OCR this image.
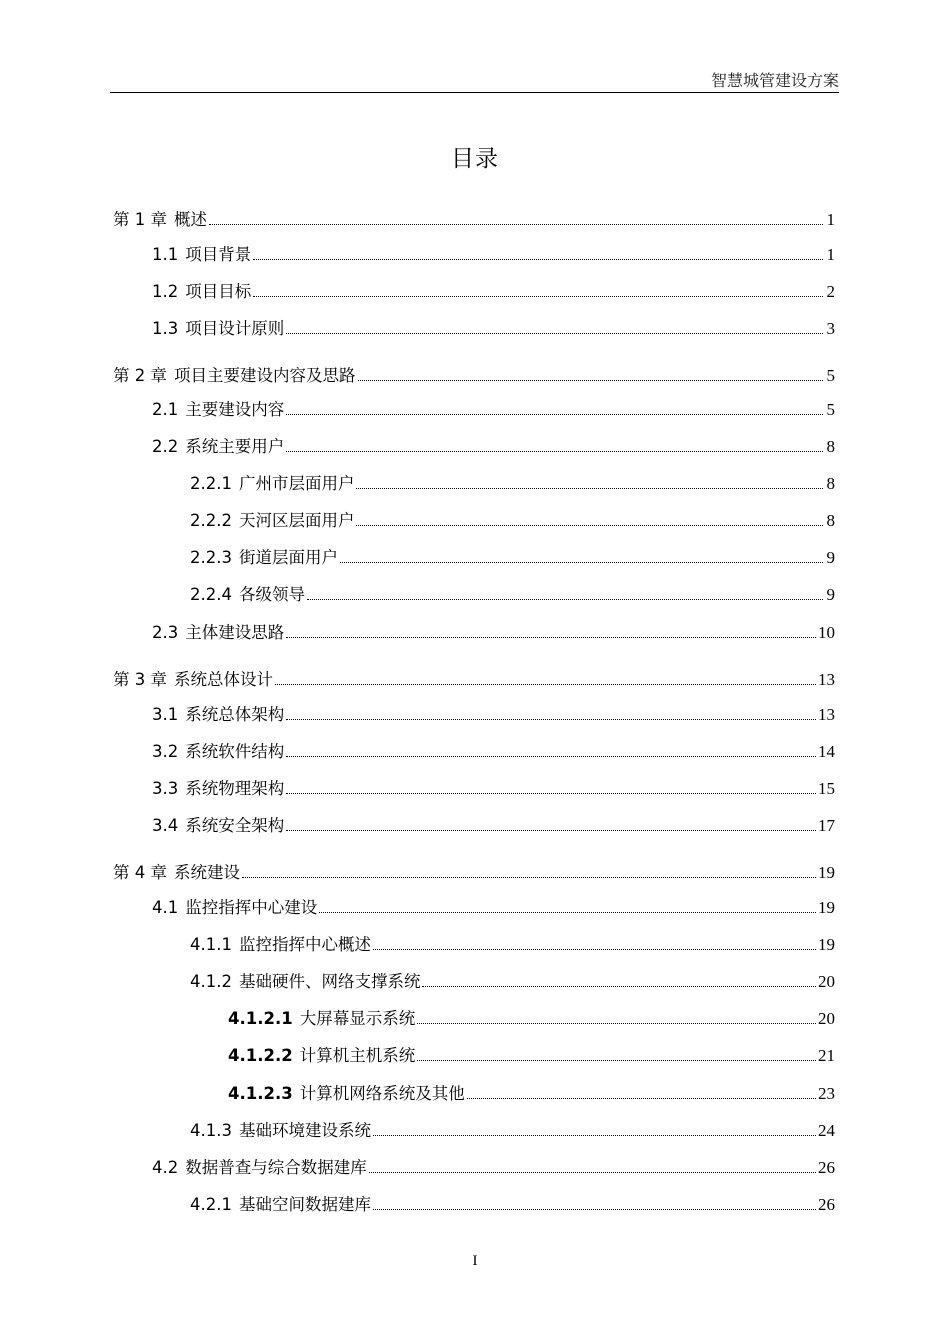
智慧城管建设方案
目录
第 1 章 概述	1
1.1 项目背景	1
1.2 项目目标	2
1.3 项目设计原则	3
第 2 章 项目主要建设内容及思路	5
2.1 主要建设内容	5
2.2 系统主要用户	8
2.2.1 广州市层面用户	8
2.2.2 天河区层面用户	8
2.2.3 街道层面用户	9
2.2.4 各级领导	9
2.3 主体建设思路	10
第 3 章 系统总体设计	13
3.1 系统总体架构	13
3.2 系统软件结构	14
3.3 系统物理架构	15
3.4 系统安全架构	17
第 4 章 系统建设	19
4.1 监控指挥中心建设	19
4.1.1 监控指挥中心概述	19
4.1.2 基础硬件、网络支撑系统	20
4.1.2.1 大屏幕显示系统	20
4.1.2.2 计算机主机系统	21
4.1.2.3 计算机网络系统及其他	23
4.1.3 基础环境建设系统	24
4.2 数据普查与综合数据建库	26
4.2.1 基础空间数据建库	26
I
